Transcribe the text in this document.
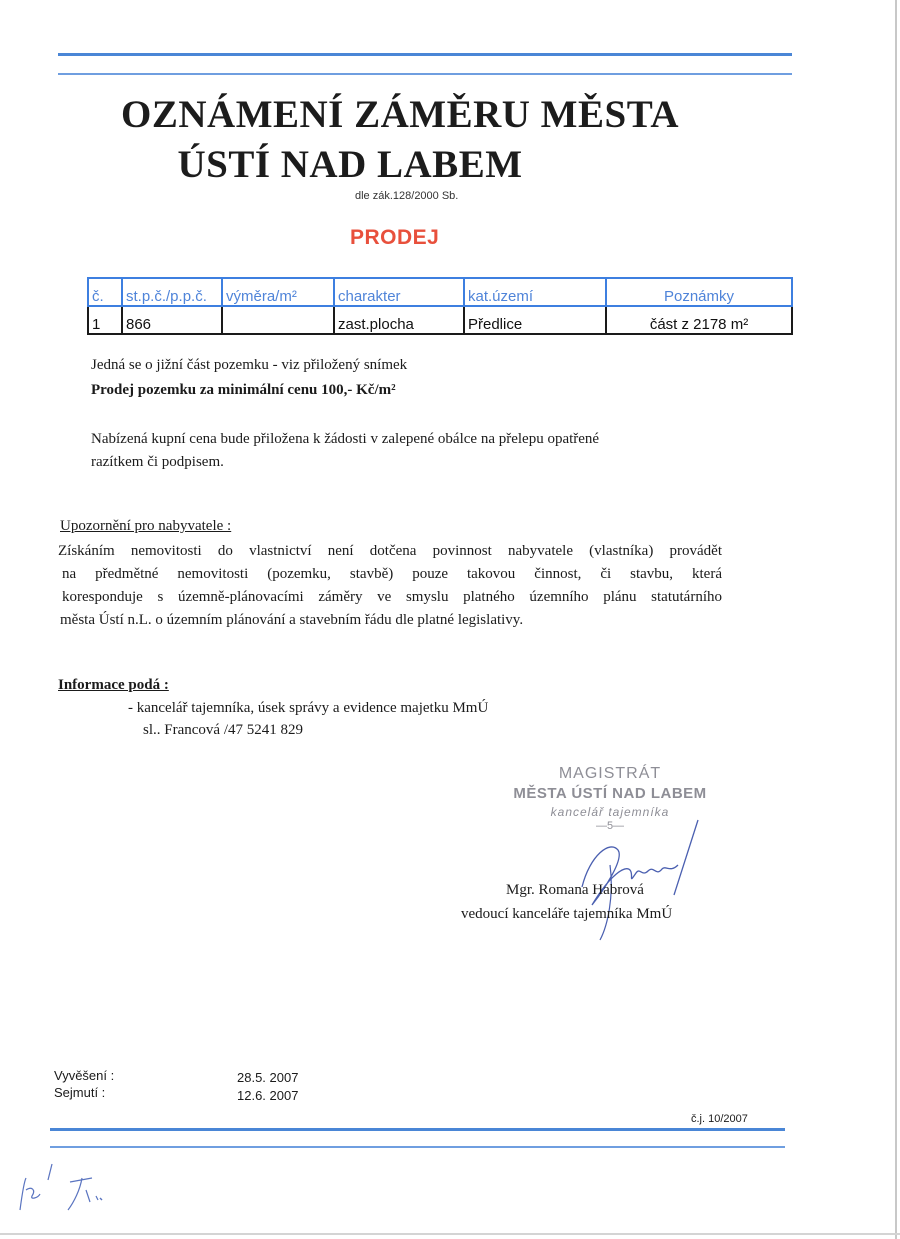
OZNÁMENÍ ZÁMĚRU MĚSTA
ÚSTÍ NAD LABEM
dle zák.128/2000 Sb.
PRODEJ
č.	st.p.č./p.p.č.	výměra/m²	charakter	kat.území	Poznámky
1	866		zast.plocha	Předlice	část z 2178 m²
Jedná se o jižní část pozemku - viz přiložený snímek
Prodej pozemku za minimální cenu 100,- Kč/m²
Nabízená kupní cena bude přiložena k žádosti v zalepené obálce na přelepu opatřené
razítkem či podpisem.
Upozornění pro nabyvatele :
Získáním nemovitosti do vlastnictví není dotčena povinnost nabyvatele (vlastníka) provádět
na předmětné nemovitosti (pozemku, stavbě) pouze takovou činnost, či stavbu, která
koresponduje s územně-plánovacími záměry ve smyslu platného územního plánu statutárního
města Ústí n.L. o územním plánování a stavebním řádu dle platné legislativy.
Informace podá :
- kancelář tajemníka, úsek správy a evidence majetku MmÚ
sl.. Francová /47 5241 829
MAGISTRÁT
MĚSTA ÚSTÍ NAD LABEM
kancelář tajemníka
—5—
Mgr. Romana Habrová
vedoucí kanceláře tajemníka MmÚ
Vyvěšení :	28.5. 2007
Sejmutí :	12.6. 2007
č.j. 10/2007
